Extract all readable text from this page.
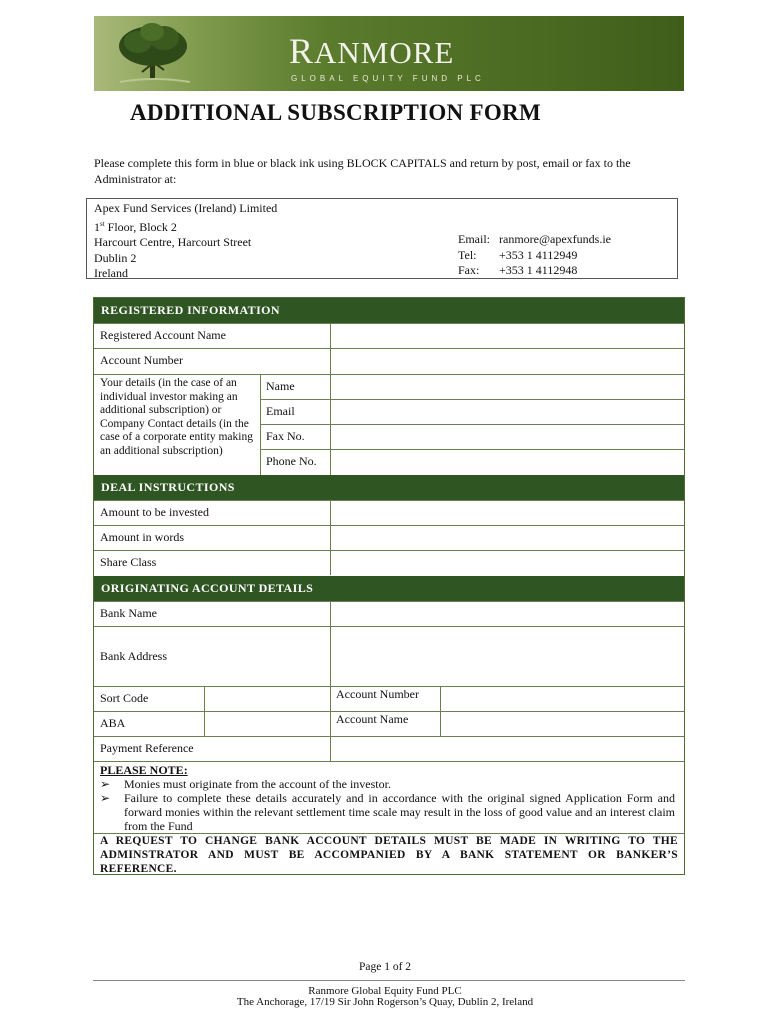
RANMORE
GLOBAL EQUITY FUND PLC
ADDITIONAL SUBSCRIPTION FORM
Please complete this form in blue or black ink using BLOCK CAPITALS and return by post, email or fax to the Administrator at:
Apex Fund Services (Ireland) Limited
1st Floor, Block 2
Harcourt Centre, Harcourt Street
Dublin 2
Ireland
Email: ranmore@apexfunds.ie
Tel: +353 1 4112949
Fax: +353 1 4112948
REGISTERED INFORMATION
Registered Account Name
Account Number
Your details (in the case of an individual investor making an additional subscription) or Company Contact details (in the case of a corporate entity making an additional subscription)
Name
Email
Fax No.
Phone No.
DEAL INSTRUCTIONS
Amount to be invested
Amount in words
Share Class
ORIGINATING ACCOUNT DETAILS
Bank Name
Bank Address
Sort Code	Account Number
ABA	Account Name
Payment Reference
PLEASE NOTE:
➢ Monies must originate from the account of the investor.
➢ Failure to complete these details accurately and in accordance with the original signed Application Form and forward monies within the relevant settlement time scale may result in the loss of good value and an interest claim from the Fund
A REQUEST TO CHANGE BANK ACCOUNT DETAILS MUST BE MADE IN WRITING TO THE ADMINSTRATOR AND MUST BE ACCOMPANIED BY A BANK STATEMENT OR BANKER’S REFERENCE.
Page 1 of 2
Ranmore Global Equity Fund PLC
The Anchorage, 17/19 Sir John Rogerson’s Quay, Dublin 2, Ireland
